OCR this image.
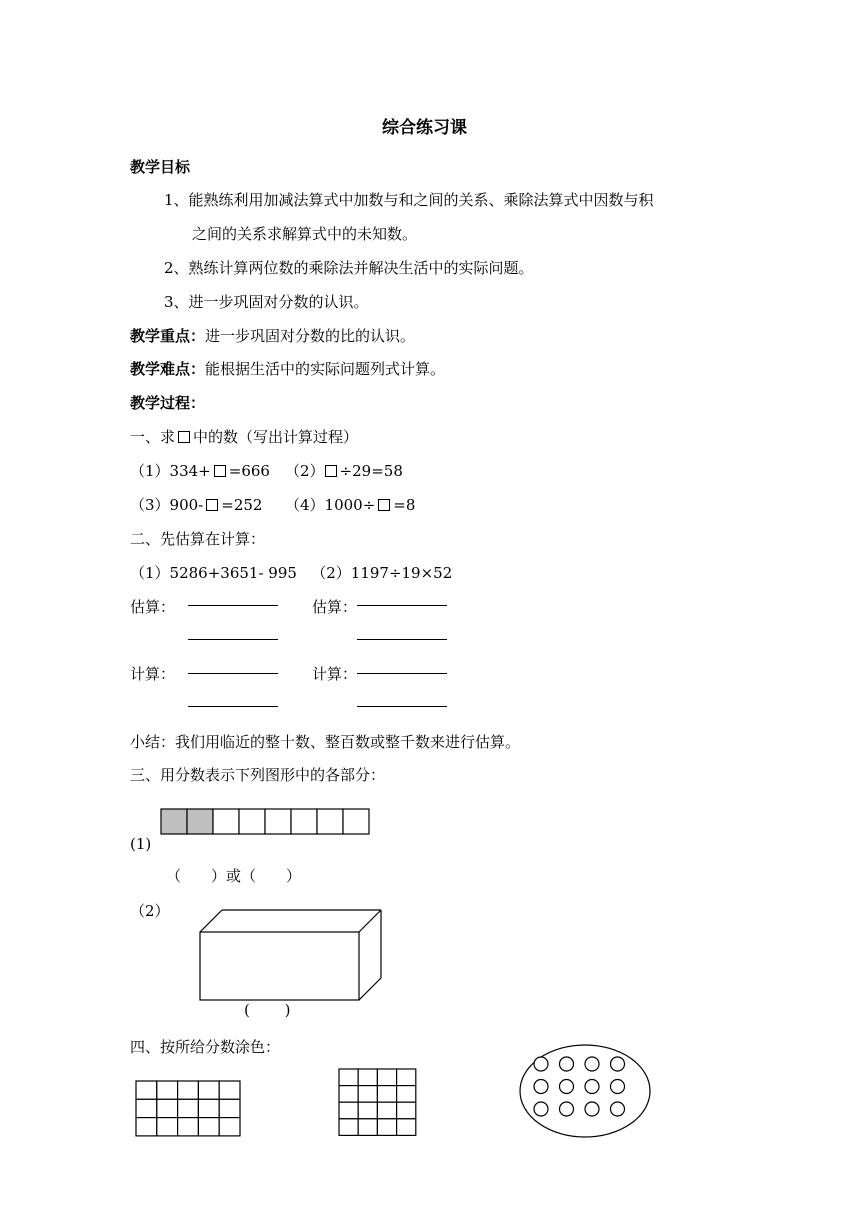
综合练习课
教学目标
1、能熟练利用加减法算式中加数与和之间的关系、乘除法算式中因数与积
之间的关系求解算式中的未知数。
2、熟练计算两位数的乘除法并解决生活中的实际问题。
3、进一步巩固对分数的认识。
教学重点：进一步巩固对分数的比的认识。
教学难点：能根据生活中的实际问题列式计算。
教学过程：
一、求 中的数（写出计算过程）
（1）334+ =666 （2） ÷29=58
（3）900- =252 （4）1000÷ =8
二、先估算在计算：
（1）5286+3651- 995   （2）1197÷19×52
估算：	估算：
计算：	计算：
小结：我们用临近的整十数、整百数或整千数来进行估算。
三、用分数表示下列图形中的各部分：
(1)
（　　）或（　　）
（2）
(　　 )
四、按所给分数涂色：
